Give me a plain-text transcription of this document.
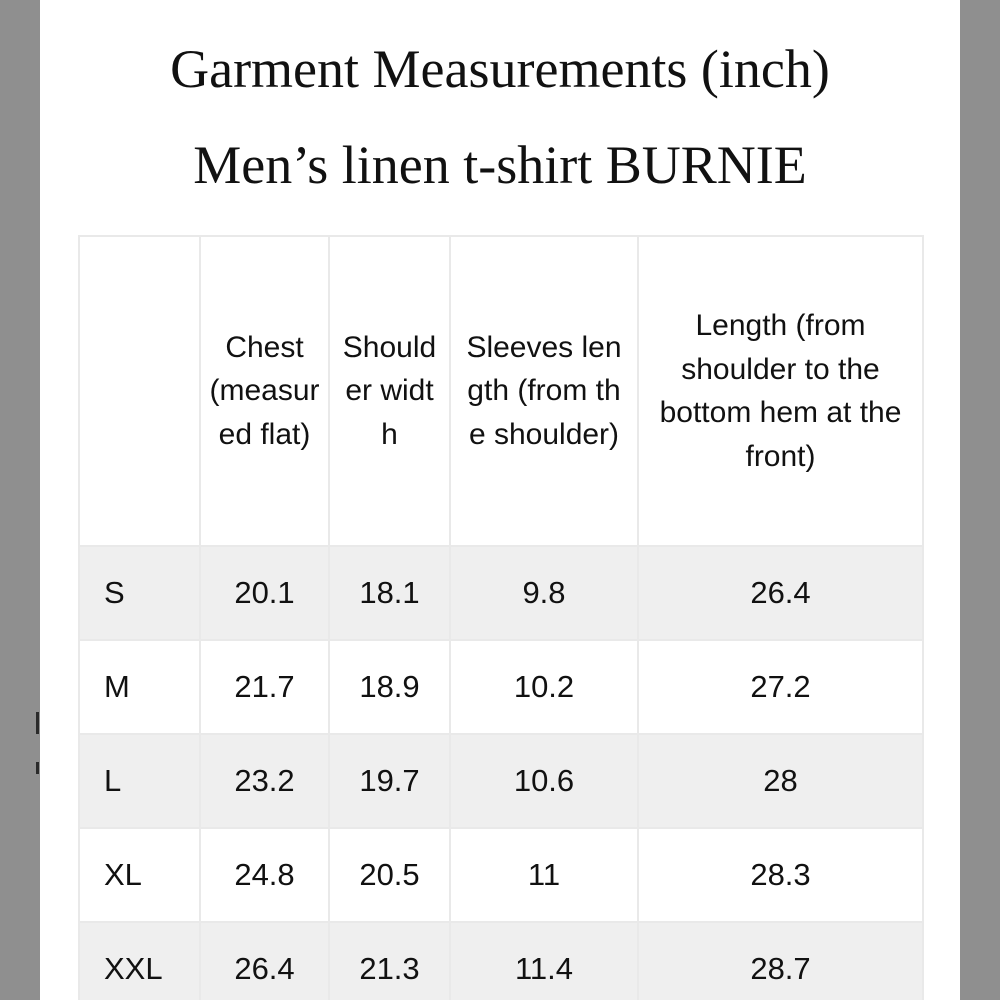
Garment Measurements (inch)
Men’s linen t-shirt BURNIE
	Chest (measured flat)	Shoulder width	Sleeves length (from the shoulder)	Length (from shoulder to the bottom hem at the front)
S	20.1	18.1	9.8	26.4
M	21.7	18.9	10.2	27.2
L	23.2	19.7	10.6	28
XL	24.8	20.5	11	28.3
XXL	26.4	21.3	11.4	28.7
